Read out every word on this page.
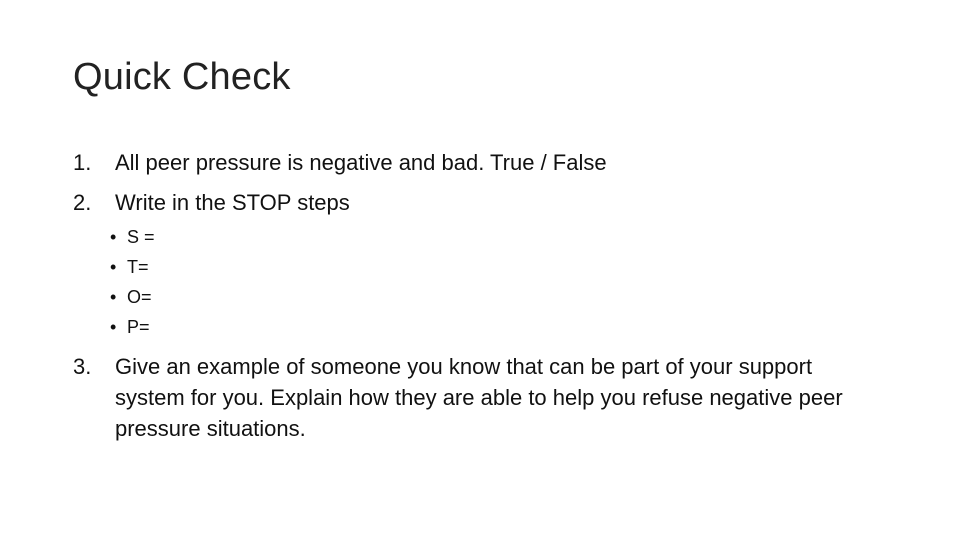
Quick Check
1.	All peer pressure is negative and bad. True / False
2.	Write in the STOP steps
• S =
• T=
• O=
• P=
3.	Give an example of someone you know that can be part of your support system for you. Explain how they are able to help you refuse negative peer pressure situations.
